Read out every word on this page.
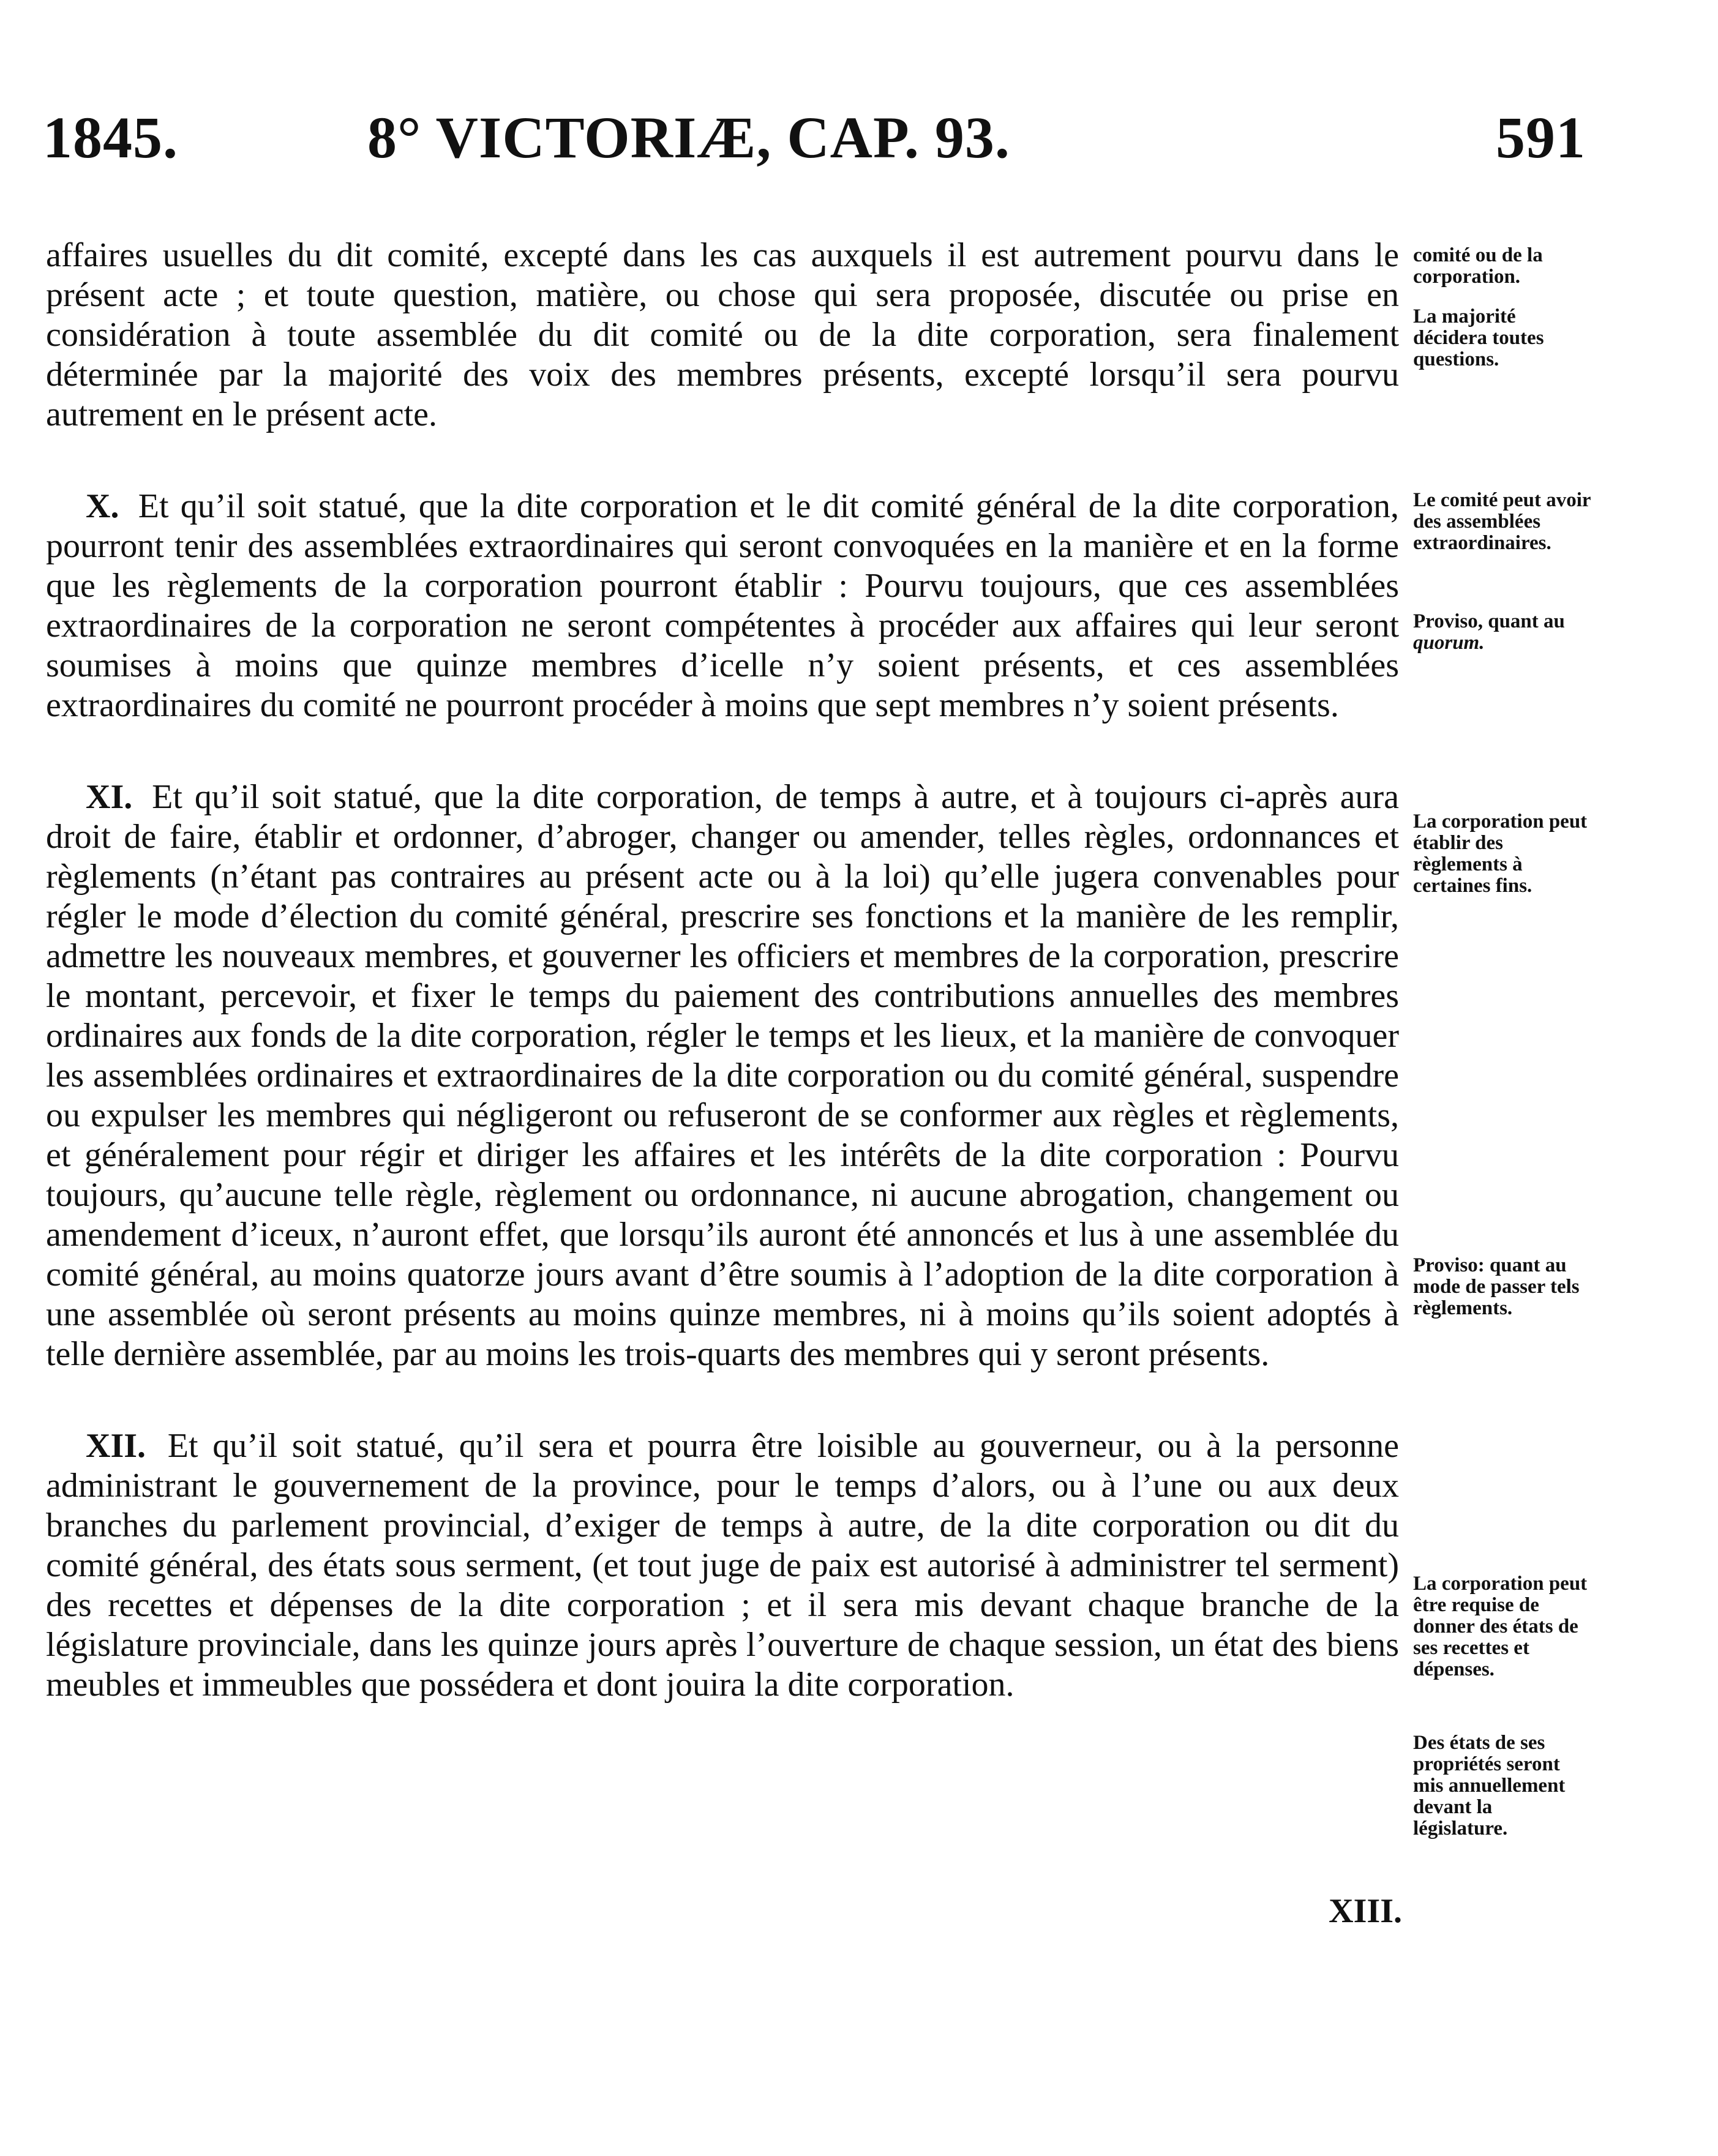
1845.	8° VICTORIÆ, CAP. 93.	591

affaires usuelles du dit comité, excepté dans les cas auxquels il est autrement pourvu dans le présent acte ; et toute question, matière, ou chose qui sera proposée, discutée ou prise en considération à toute assemblée du dit comité ou de la dite corporation, sera finalement déterminée par la majorité des voix des membres présents, excepté lorsqu’il sera pourvu autrement en le présent acte.

X. Et qu’il soit statué, que la dite corporation et le dit comité général de la dite corporation, pourront tenir des assemblées extraordinaires qui seront convoquées en la manière et en la forme que les règlements de la corporation pourront établir : Pourvu toujours, que ces assemblées extraordinaires de la corporation ne seront compétentes à procéder aux affaires qui leur seront soumises à moins que quinze membres d’icelle n’y soient présents, et ces assemblées extraordinaires du comité ne pourront procéder à moins que sept membres n’y soient présents.

XI. Et qu’il soit statué, que la dite corporation, de temps à autre, et à toujours ci-après aura droit de faire, établir et ordonner, d’abroger, changer ou amender, telles règles, ordonnances et règlements (n’étant pas contraires au présent acte ou à la loi) qu’elle jugera convenables pour régler le mode d’élection du comité général, prescrire ses fonctions et la manière de les remplir, admettre les nouveaux membres, et gouverner les officiers et membres de la corporation, prescrire le montant, percevoir, et fixer le temps du paiement des contributions annuelles des membres ordinaires aux fonds de la dite corporation, régler le temps et les lieux, et la manière de convoquer les assemblées ordinaires et extraordinaires de la dite corporation ou du comité général, suspendre ou expulser les membres qui négligeront ou refuseront de se conformer aux règles et règlements, et généralement pour régir et diriger les affaires et les intérêts de la dite corporation : Pourvu toujours, qu’aucune telle règle, règlement ou ordonnance, ni aucune abrogation, changement ou amendement d’iceux, n’auront effet, que lorsqu’ils auront été annoncés et lus à une assemblée du comité général, au moins quatorze jours avant d’être soumis à l’adoption de la dite corporation à une assemblée où seront présents au moins quinze membres, ni à moins qu’ils soient adoptés à telle dernière assemblée, par au moins les trois-quarts des membres qui y seront présents.

XII. Et qu’il soit statué, qu’il sera et pourra être loisible au gouverneur, ou à la personne administrant le gouvernement de la province, pour le temps d’alors, ou à l’une ou aux deux branches du parlement provincial, d’exiger de temps à autre, de la dite corporation ou dit du comité général, des états sous serment, (et tout juge de paix est autorisé à administrer tel serment) des recettes et dépenses de la dite corporation ; et il sera mis devant chaque branche de la législature provinciale, dans les quinze jours après l’ouverture de chaque session, un état des biens meubles et immeubles que possédera et dont jouira la dite corporation.

XIII.
comité ou de la corporation.
La majorité décidera toutes questions.
Le comité peut avoir des assemblées extraordinaires.
Proviso, quant au quorum.
La corporation peut établir des règlements à certaines fins.
Proviso: quant au mode de passer tels règlements.
La corporation peut être requise de donner des états de ses recettes et dépenses.
Des états de ses propriétés seront mis annuellement devant la législature.
